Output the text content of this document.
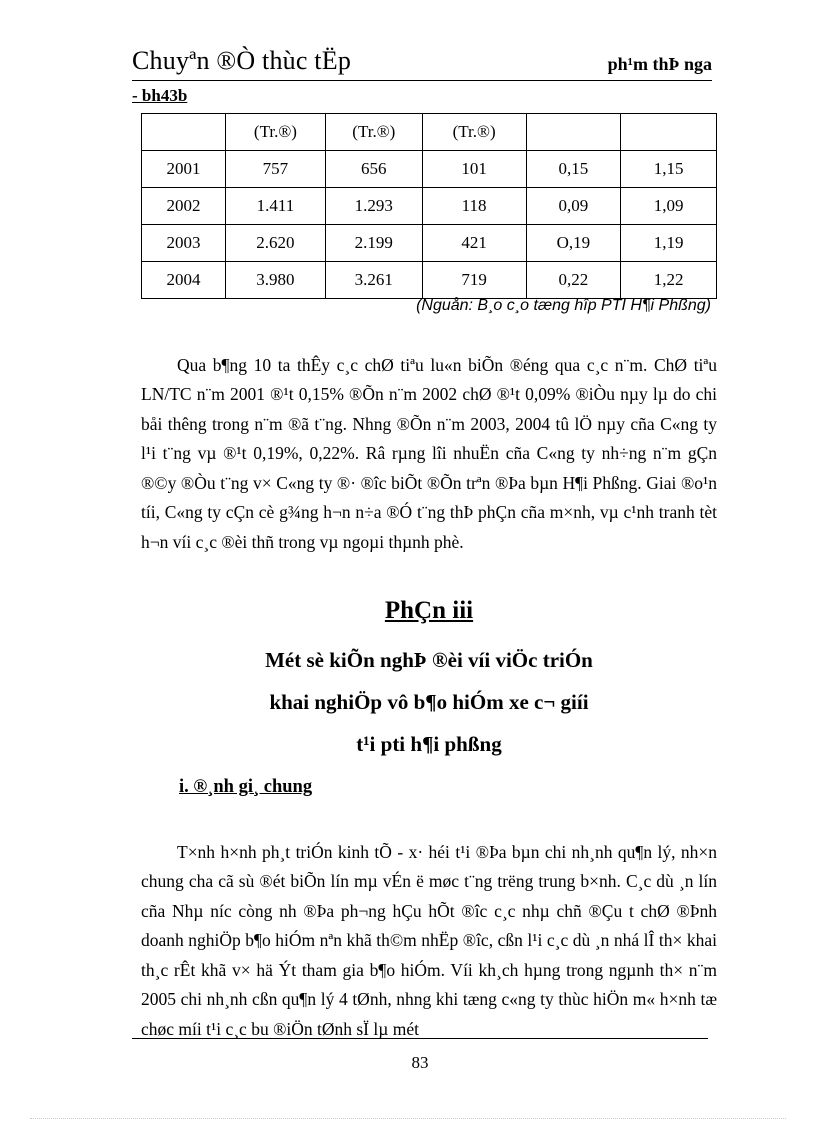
Chuyªn ®Ò thùc tËp	ph¹m thÞ nga
- bh43b
	(Tr.®)	(Tr.®)	(Tr.®)		
2001	757	656	101	0,15	1,15
2002	1.411	1.293	118	0,09	1,09
2003	2.620	2.199	421	O,19	1,19
2004	3.980	3.261	719	0,22	1,22
(Nguån: B¸o c¸o tæng hîp PTI H¶i Phßng)

Qua b¶ng 10 ta thÊy c¸c chØ tiªu lu«n biÕn ®éng qua c¸c n¨m. ChØ tiªu LN/TC n¨m 2001 ®¹t 0,15% ®Õn n¨m 2002 chØ ®¹t 0,09% ®iÒu nµy lµ do chi båi thêng trong n¨m ®ã t¨ng. Nhng ®Õn n¨m 2003, 2004 tû lÖ nµy cña C«ng ty l¹i t¨ng vµ ®¹t 0,19%, 0,22%. Râ rµng lîi nhuËn cña C«ng ty nh÷ng n¨m gÇn ®©y ®Òu t¨ng v× C«ng ty ®· ®îc biÕt ®Õn trªn ®Þa bµn H¶i Phßng. Giai ®o¹n tíi, C«ng ty cÇn cè g¾ng h¬n n÷a ®Ó t¨ng thÞ phÇn cña m×nh, vµ c¹nh tranh tèt h¬n víi c¸c ®èi thñ trong vµ ngoµi thµnh phè.

PhÇn iii
Mét sè kiÕn nghÞ ®èi víi viÖc triÓn
khai nghiÖp vô b¶o hiÓm xe c¬ giíi
t¹i pti h¶i phßng
i. ®¸nh gi¸ chung

T×nh h×nh ph¸t triÓn kinh tÕ - x· héi t¹i ®Þa bµn chi nh¸nh qu¶n lý, nh×n chung cha cã sù ®ét biÕn lín mµ vÉn ë møc t¨ng trëng trung b×nh. C¸c dù ¸n lín cña Nhµ níc còng nh ®Þa ph¬ng hÇu hÕt ®îc c¸c nhµ chñ ®Çu t chØ ®Þnh doanh nghiÖp b¶o hiÓm nªn khã th©m nhËp ®îc, cßn l¹i c¸c dù ¸n nhá lÎ th× khai th¸c rÊt khã v× hä Ýt tham gia b¶o hiÓm. Víi kh¸ch hµng trong ngµnh th× n¨m 2005 chi nh¸nh cßn qu¶n lý 4 tØnh, nhng khi tæng c«ng ty thùc hiÖn m« h×nh tæ chøc míi t¹i c¸c bu ®iÖn tØnh sÏ lµ mét

83
